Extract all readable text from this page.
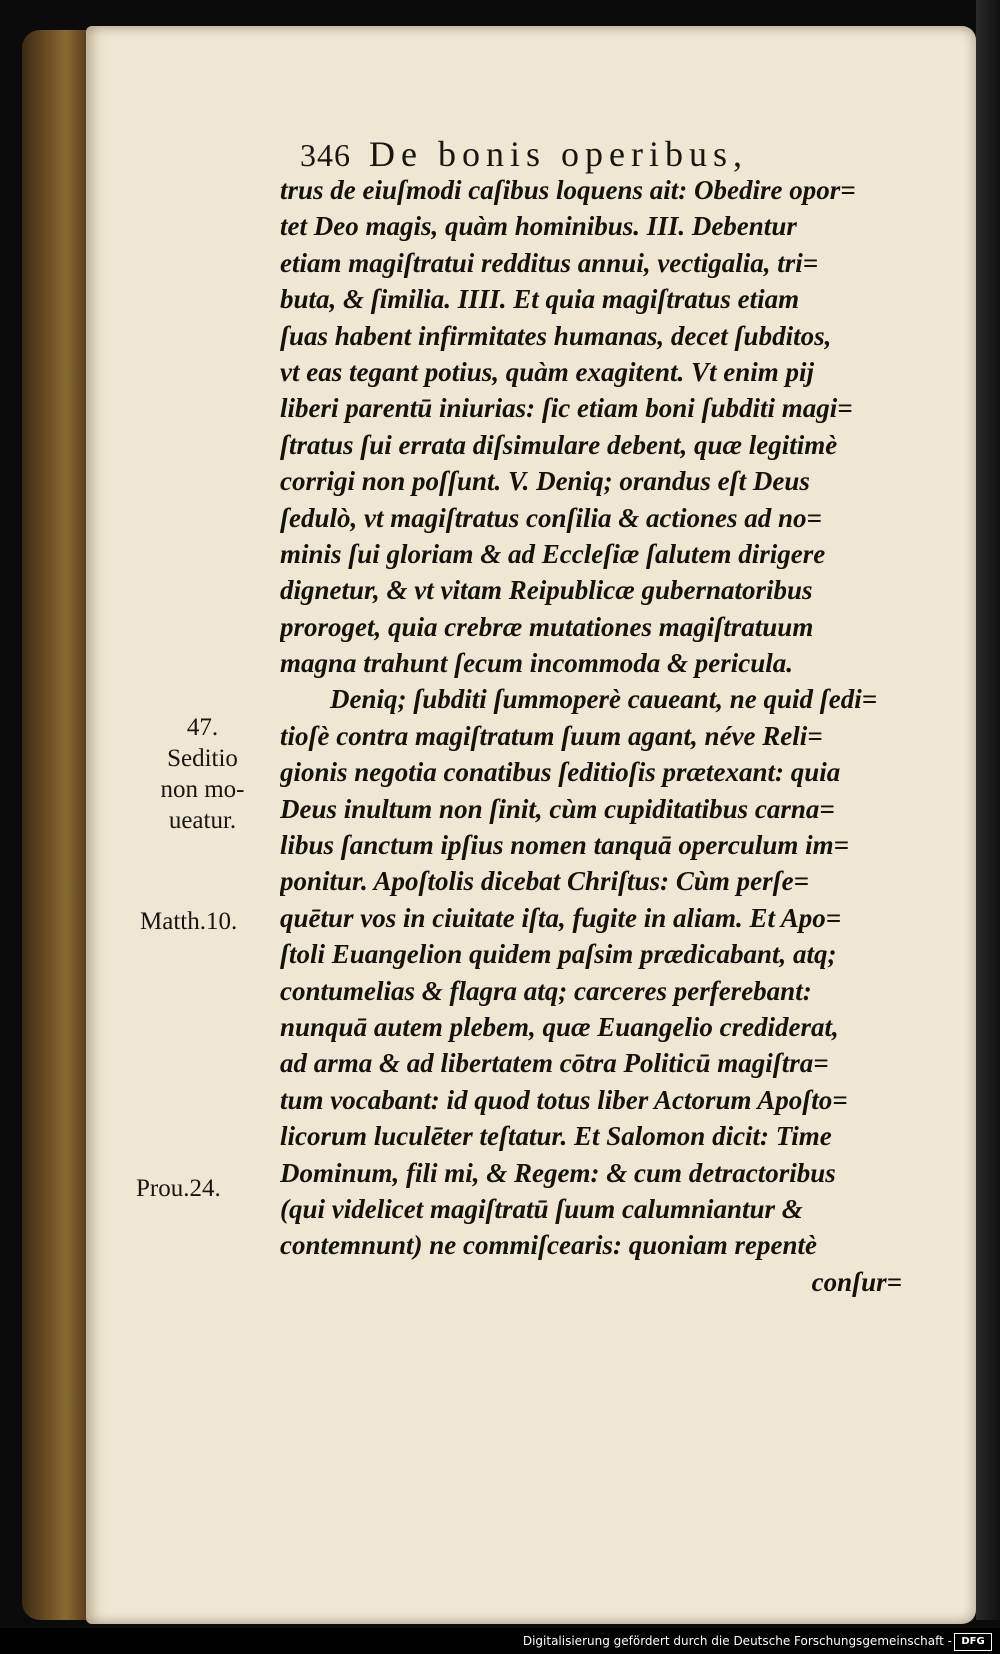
346 De bonis operibus,
trus de eiuſmodi caſibus loquens ait: Obedire opor=
tet Deo magis, quàm hominibus. III. Debentur
etiam magiſtratui redditus annui, vectigalia, tri=
buta, & ſimilia. IIII. Et quia magiſtratus etiam
ſuas habent infirmitates humanas, decet ſubditos,
vt eas tegant potius, quàm exagitent. Vt enim pij
liberi parentū iniurias: ſic etiam boni ſubditi magi=
ſtratus ſui errata diſsimulare debent, quæ legitimè
corrigi non poſſunt. V. Deniq; orandus eſt Deus
ſedulò, vt magiſtratus conſilia & actiones ad no=
minis ſui gloriam & ad Eccleſiæ ſalutem dirigere
dignetur, & vt vitam Reipublicæ gubernatoribus
proroget, quia crebræ mutationes magiſtratuum
magna trahunt ſecum incommoda & pericula.
Deniq; ſubditi ſummoperè caueant, ne quid ſedi=
tioſè contra magiſtratum ſuum agant, néve Reli=
gionis negotia conatibus ſeditioſis prætexant: quia
Deus inultum non ſinit, cùm cupiditatibus carna=
libus ſanctum ipſius nomen tanquā operculum im=
ponitur. Apoſtolis dicebat Chriſtus: Cùm perſe=
quētur vos in ciuitate iſta, fugite in aliam. Et Apo=
ſtoli Euangelion quidem paſsim prædicabant, atq;
contumelias & flagra atq; carceres perferebant:
nunquā autem plebem, quæ Euangelio crediderat,
ad arma & ad libertatem cōtra Politicū magiſtra=
tum vocabant: id quod totus liber Actorum Apoſto=
licorum luculēter teſtatur. Et Salomon dicit: Time
Dominum, fili mi, & Regem: & cum detractoribus
(qui videlicet magiſtratū ſuum calumniantur &
contemnunt) ne commiſcearis: quoniam repentè
conſur=
47.
Seditio
non mo-
ueatur.
Matth.10.
Prou.24.
Digitalisierung gefördert durch die Deutsche Forschungsgemeinschaft - DFG
